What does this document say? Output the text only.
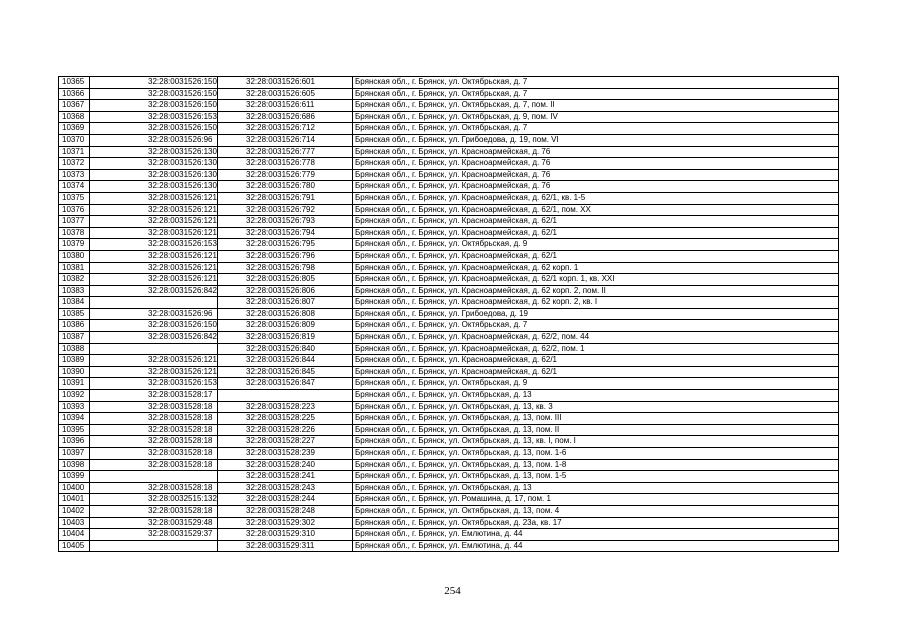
10365	32:28:0031526:150	32:28:0031526:601	Брянская обл., г. Брянск, ул. Октябрьская, д. 7
10366	32:28:0031526:150	32:28:0031526:605	Брянская обл., г. Брянск, ул. Октябрьская, д. 7
10367	32:28:0031526:150	32:28:0031526:611	Брянская обл., г. Брянск, ул. Октябрьская, д. 7, пом. II
10368	32:28:0031526:153	32:28:0031526:686	Брянская обл., г. Брянск, ул. Октябрьская, д. 9, пом. IV
10369	32:28:0031526:150	32:28:0031526:712	Брянская обл., г. Брянск, ул. Октябрьская, д. 7
10370	32:28:0031526:96	32:28:0031526:714	Брянская обл., г. Брянск, ул. Грибоедова, д. 19, пом. VI
10371	32:28:0031526:130	32:28:0031526:777	Брянская обл., г. Брянск, ул. Красноармейская, д. 76
10372	32:28:0031526:130	32:28:0031526:778	Брянская обл., г. Брянск, ул. Красноармейская, д. 76
10373	32:28:0031526:130	32:28:0031526:779	Брянская обл., г. Брянск, ул. Красноармейская, д. 76
10374	32:28:0031526:130	32:28:0031526:780	Брянская обл., г. Брянск, ул. Красноармейская, д. 76
10375	32:28:0031526:121	32:28:0031526:791	Брянская обл., г. Брянск, ул. Красноармейская, д. 62/1, кв. 1-5
10376	32:28:0031526:121	32:28:0031526:792	Брянская обл., г. Брянск, ул. Красноармейская, д. 62/1, пом. XX
10377	32:28:0031526:121	32:28:0031526:793	Брянская обл., г. Брянск, ул. Красноармейская, д. 62/1
10378	32:28:0031526:121	32:28:0031526:794	Брянская обл., г. Брянск, ул. Красноармейская, д. 62/1
10379	32:28:0031526:153	32:28:0031526:795	Брянская обл., г. Брянск, ул. Октябрьская, д. 9
10380	32:28:0031526:121	32:28:0031526:796	Брянская обл., г. Брянск, ул. Красноармейская, д. 62/1
10381	32:28:0031526:121	32:28:0031526:798	Брянская обл., г. Брянск, ул. Красноармейская, д. 62 корп. 1
10382	32:28:0031526:121	32:28:0031526:805	Брянская обл., г. Брянск, ул. Красноармейская, д. 62/1 корп. 1, кв. XXI
10383	32:28:0031526:842	32:28:0031526:806	Брянская обл., г. Брянск, ул. Красноармейская, д. 62 корп. 2, пом. II
10384		32:28:0031526:807	Брянская обл., г. Брянск, ул. Красноармейская, д. 62 корп. 2, кв. I
10385	32:28:0031526:96	32:28:0031526:808	Брянская обл., г. Брянск, ул. Грибоедова, д. 19
10386	32:28:0031526:150	32:28:0031526:809	Брянская обл., г. Брянск, ул. Октябрьская, д. 7
10387	32:28:0031526:842	32:28:0031526:819	Брянская обл., г. Брянск, ул. Красноармейская, д. 62/2, пом. 44
10388		32:28:0031526:840	Брянская обл., г. Брянск, ул. Красноармейская, д. 62/2, пом. 1
10389	32:28:0031526:121	32:28:0031526:844	Брянская обл., г. Брянск, ул. Красноармейская, д. 62/1
10390	32:28:0031526:121	32:28:0031526:845	Брянская обл., г. Брянск, ул. Красноармейская, д. 62/1
10391	32:28:0031526:153	32:28:0031526:847	Брянская обл., г. Брянск, ул. Октябрьская, д. 9
10392	32:28:0031528:17		Брянская обл., г. Брянск, ул. Октябрьская, д. 13
10393	32:28:0031528:18	32:28:0031528:223	Брянская обл., г. Брянск, ул. Октябрьская, д. 13, кв. 3
10394	32:28:0031528:18	32:28:0031528:225	Брянская обл., г. Брянск, ул. Октябрьская, д. 13, пом. III
10395	32:28:0031528:18	32:28:0031528:226	Брянская обл., г. Брянск, ул. Октябрьская, д. 13, пом. II
10396	32:28:0031528:18	32:28:0031528:227	Брянская обл., г. Брянск, ул. Октябрьская, д. 13, кв. I, пом. I
10397	32:28:0031528:18	32:28:0031528:239	Брянская обл., г. Брянск, ул. Октябрьская, д. 13, пом. 1-6
10398	32:28:0031528:18	32:28:0031528:240	Брянская обл., г. Брянск, ул. Октябрьская, д. 13, пом. 1-8
10399		32:28:0031528:241	Брянская обл., г. Брянск, ул. Октябрьская, д. 13, пом. 1-5
10400	32:28:0031528:18	32:28:0031528:243	Брянская обл., г. Брянск, ул. Октябрьская, д. 13
10401	32:28:0032515:132	32:28:0031528:244	Брянская обл., г. Брянск, ул. Ромашина, д. 17, пом. 1
10402	32:28:0031528:18	32:28:0031528:248	Брянская обл., г. Брянск, ул. Октябрьская, д. 13, пом. 4
10403	32:28:0031529:48	32:28:0031529:302	Брянская обл., г. Брянск, ул. Октябрьская, д. 23а, кв. 17
10404	32:28:0031529:37	32:28:0031529:310	Брянская обл., г. Брянск, ул. Емлютина, д. 44
10405		32:28:0031529:311	Брянская обл., г. Брянск, ул. Емлютина, д. 44
254
